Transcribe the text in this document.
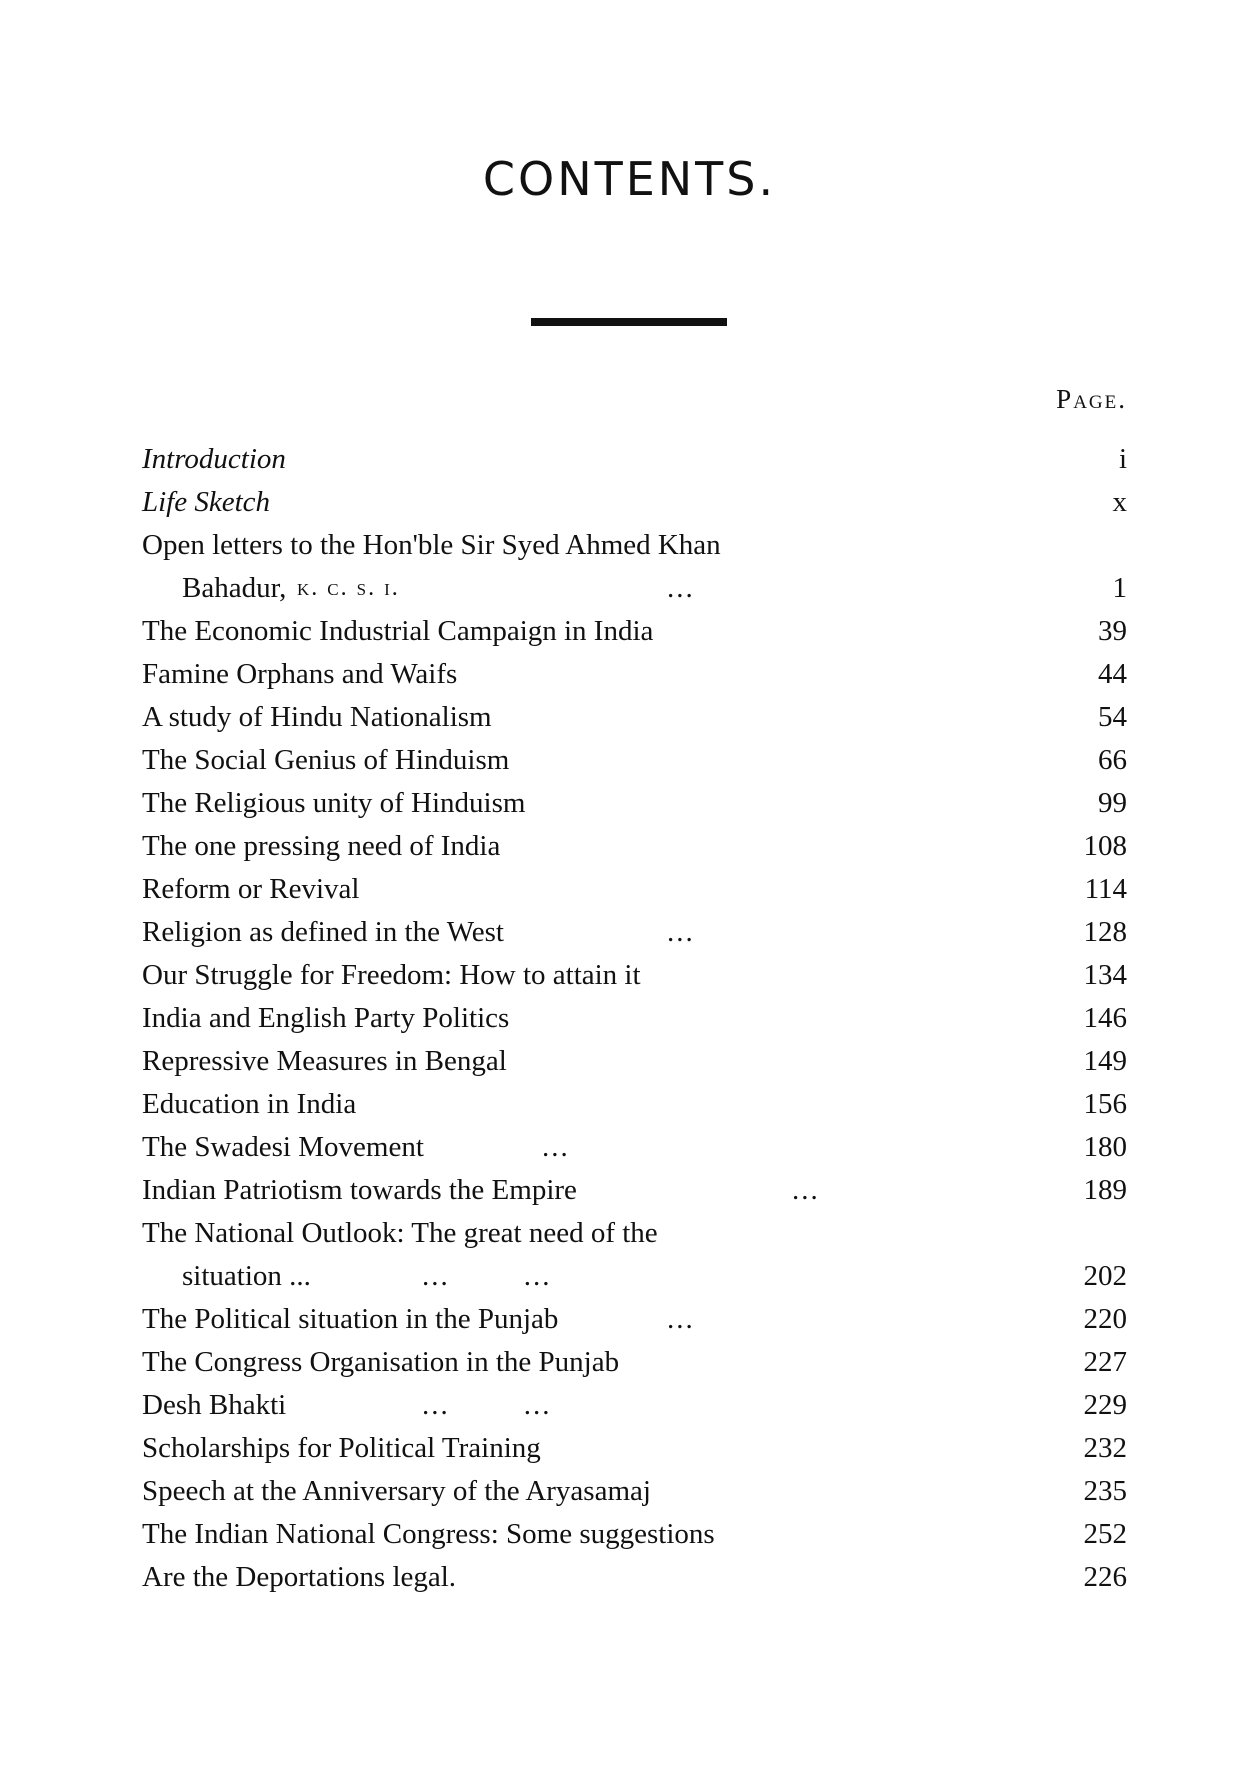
CONTENTS.
Page.
Introduction	i
Life Sketch	x
Open letters to the Hon'ble Sir Syed Ahmed Khan
Bahadur, k. c. s. i.	...	1
The Economic Industrial Campaign in India	39
Famine Orphans and Waifs	44
A study of Hindu Nationalism	54
The Social Genius of Hinduism	66
The Religious unity of Hinduism	99
The one pressing need of India	108
Reform or Revival	114
Religion as defined in the West	...	128
Our Struggle for Freedom: How to attain it	134
India and English Party Politics	146
Repressive Measures in Bengal	149
Education in India	156
The Swadesi Movement	...	180
Indian Patriotism towards the Empire	...	189
The National Outlook: The great need of the
situation ...	...        ...	202
The Political situation in the Punjab	...	220
The Congress Organisation in the Punjab	227
Desh Bhakti	...        ...	229
Scholarships for Political Training	232
Speech at the Anniversary of the Aryasamaj	235
The Indian National Congress: Some suggestions	252
Are the Deportations legal.	226
